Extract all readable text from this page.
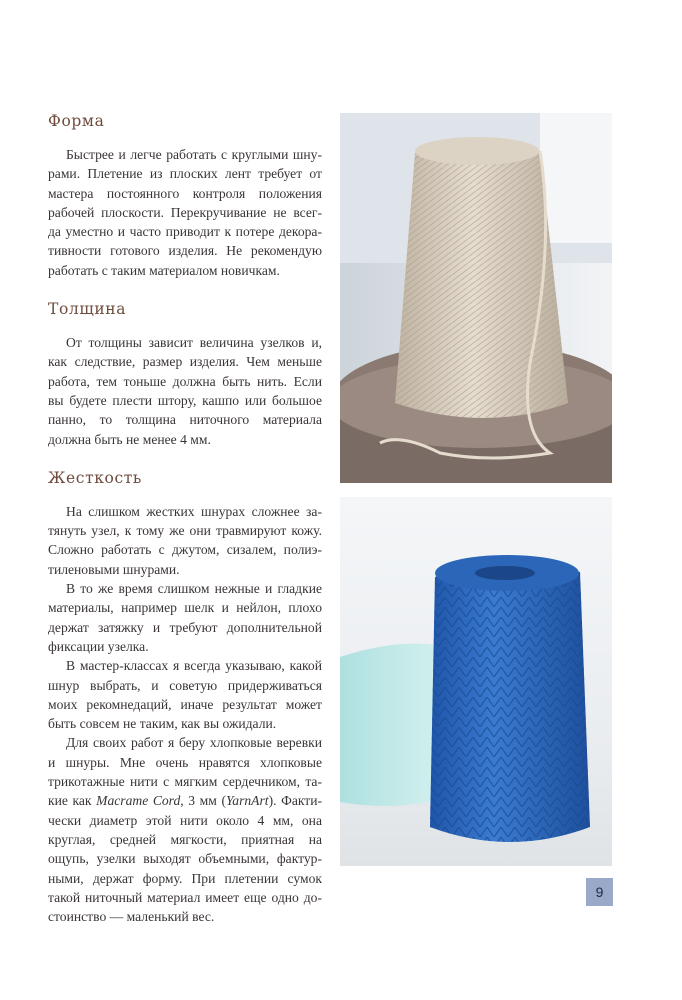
Форма
Быстрее и легче работать с круглыми шну-
рами. Плетение из плоских лент требует от
мастера постоянного контроля положения
рабочей плоскости. Перекручивание не всег-
да уместно и часто приводит к потере декора-
тивности готового изделия. Не рекомендую
работать с таким материалом новичкам.
Толщина
От толщины зависит величина узелков и,
как следствие, размер изделия. Чем меньше
работа, тем тоньше должна быть нить. Если
вы будете плести штору, кашпо или большое
панно, то толщина ниточного материала
должна быть не менее 4 мм.
Жесткость
На слишком жестких шнурах сложнее за-
тянуть узел, к тому же они травмируют кожу.
Сложно работать с джутом, сизалем, полиэ-
тиленовыми шнурами.
В то же время слишком нежные и гладкие
материалы, например шелк и нейлон, плохо
держат затяжку и требуют дополнительной
фиксации узелка.
В мастер-классах я всегда указываю, какой
шнур выбрать, и советую придерживаться
моих рекомнедаций, иначе результат может
быть совсем не таким, как вы ожидали.
Для своих работ я беру хлопковые веревки
и шнуры. Мне очень нравятся хлопковые
трикотажные нити с мягким сердечником, та-
кие как Macrame Cord, 3 мм (YarnArt). Факти-
чески диаметр этой нити около 4 мм, она
круглая, средней мягкости, приятная на
ощупь, узелки выходят объемными, фактур-
ными, держат форму. При плетении сумок
такой ниточный материал имеет еще одно до-
стоинство — маленький вес.
9
